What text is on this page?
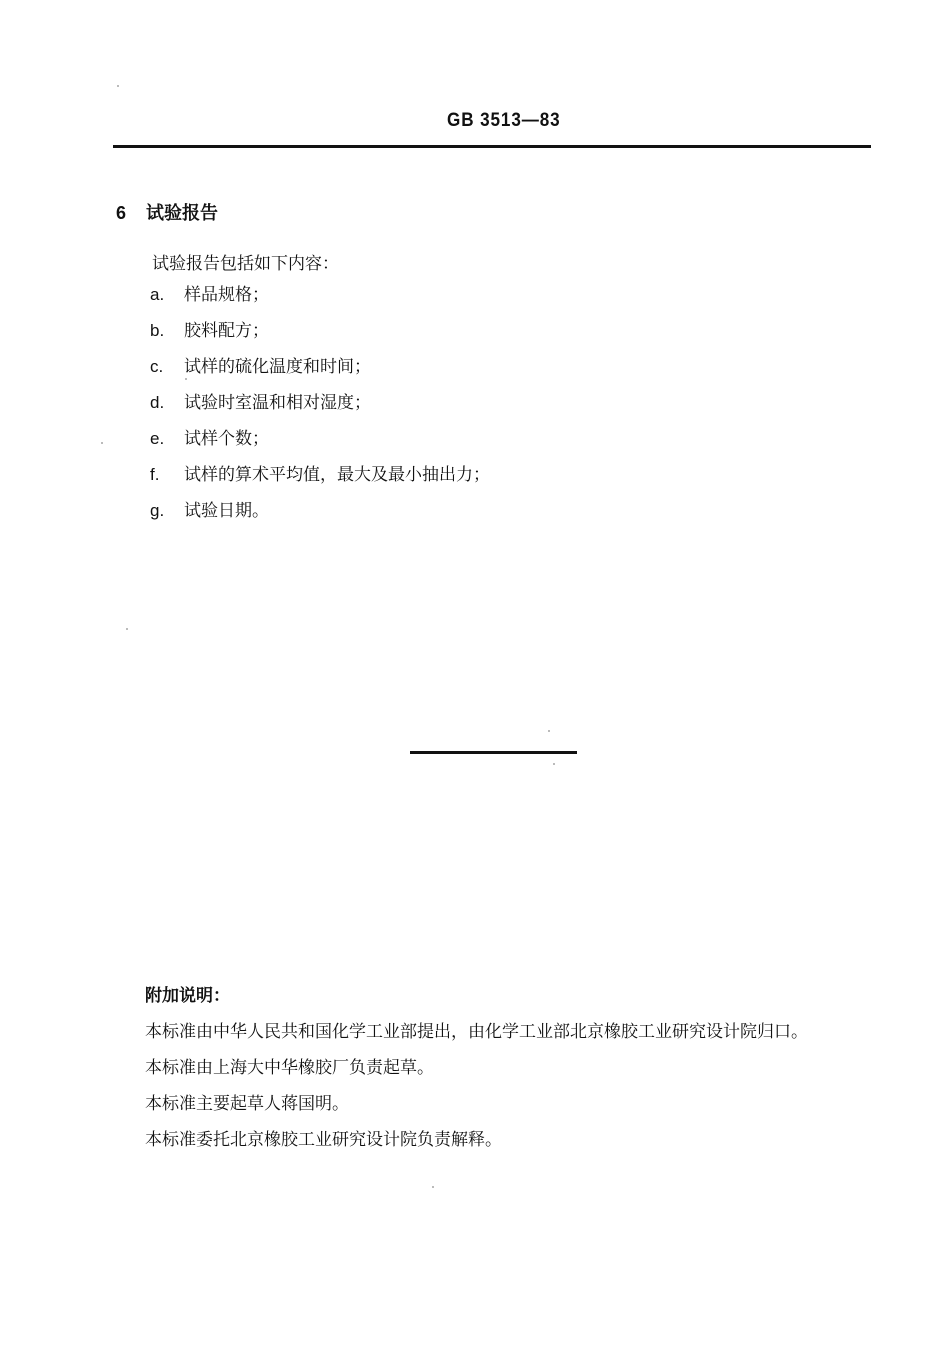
GB 3513—83
6 试验报告
试验报告包括如下内容：
a. 样品规格；
b. 胶料配方；
c. 试样的硫化温度和时间；
d. 试验时室温和相对湿度；
e. 试样个数；
f. 试样的算术平均值，最大及最小抽出力；
g. 试验日期。
附加说明：
本标准由中华人民共和国化学工业部提出，由化学工业部北京橡胶工业研究设计院归口。
本标准由上海大中华橡胶厂负责起草。
本标准主要起草人蒋国明。
本标准委托北京橡胶工业研究设计院负责解释。
